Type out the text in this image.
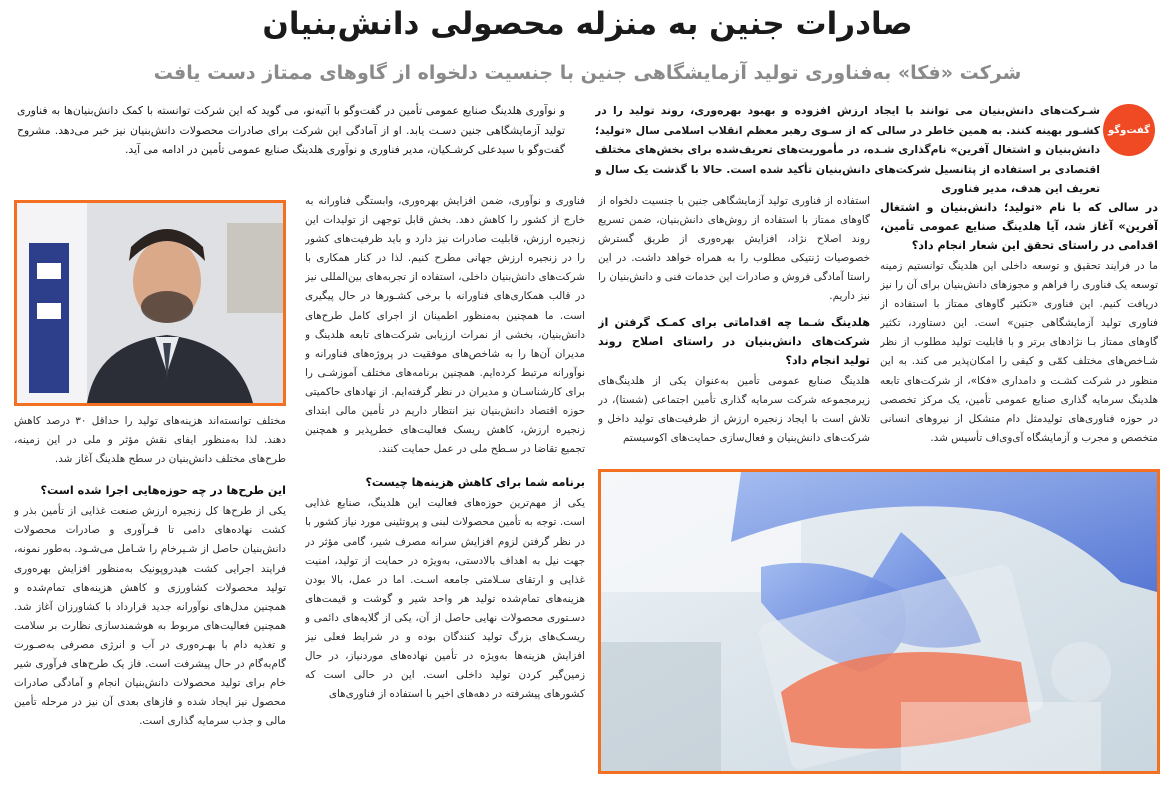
صادرات جنین به منزله محصولی دانش‌بنیان
شرکت «فکا» به‌فناوری تولید آزمایشگاهی جنین با جنسیت دلخواه از گاوهای ممتاز دست یافت
گفت‌وگو
شـرکت‌های دانش‌بنیان می توانند با ایجاد ارزش افزوده و بهبود بهره‌وری، روند تولید را در کشـور بهینه کنند. به همین خاطر در سالی که از سـوی رهبر معظم انقلاب اسلامی سال «تولید؛ دانش‌بنیان و اشتغال آفرین» نام‌گذاری شـده، در مأموریت‌های تعریف‌شده برای بخش‌های مختلف اقتصادی بر استفاده از پتانسیل شرکت‌های دانش‌بنیان تأکید شده است. حالا با گذشت یک سال و تعریف این هدف، مدیر فناوری
و نوآوری هلدینگ صنایع عمومی تأمین در گفت‌وگو با آتیه‌نو، می گوید که این شرکت توانسته با کمک دانش‌بنیان‌ها به فناوری تولید آزمایشگاهی جنین دسـت یابد. او از آمادگی این شرکت برای صادرات محصولات دانش‌بنیان نیز خبر می‌دهد. مشروح گفت‌وگو با سیدعلی کرشـکیان، مدیر فناوری و نوآوری هلدینگ صنایع عمومی تأمین در ادامه می آید.
در سالی که با نام «تولید؛ دانش‌بنیان و اشتغال آفرین» آغاز شد، آیا هلدینگ صنایع عمومی تأمین، اقدامی در راستای تحقق این شعار انجام داد؟

ما در فرایند تحقیق و توسعه داخلی این هلدینگ توانستیم زمینه توسعه یک فناوری را فراهم و مجوزهای دانش‌بنیان برای آن را نیز دریافت کنیم. این فناوری «تکثیر گاوهای ممتاز با استفاده از فناوری تولید آزمایشگاهی جنین» است. این دستاورد، تکثیر گاوهای ممتاز بـا نژادهای برتر و با قابلیت تولید مطلوب از نظر شـاخص‌های مختلف کمّی و کیفی را امکان‌پذیر می کند. به این منظور در شرکت کشـت و دامداری «فکا»، از شرکت‌های تابعه هلدینگ سرمایه گذاری صنایع عمومی تأمین، یک مرکز تخصصی در حوزه فناوری‌های تولیدمثل دام متشکل از نیروهای انسانی متخصص و مجرب و آزمایشگاه آی‌وی‌اف تأسیس شد.

استفاده از فناوری تولید آزمایشگاهی جنین با جنسیت دلخواه از گاوهای ممتاز با استفاده از روش‌های دانش‌بنیان، ضمن تسریع روند اصلاح نژاد، افزایش بهره‌وری از طریق گسترش خصوصیات ژنتیکی مطلوب را به همراه خواهد داشت. در این راستا آمادگی فروش و صادرات این خدمات فنی و دانش‌بنیان را نیز داریم.

هلدینگ شـما چه اقداماتی برای کمـک گرفتن از شرکت‌های دانش‌بنیان در راستای اصلاح روند تولید انجام داد؟

هلدینگ صنایع عمومی تأمین به‌عنوان یکی از هلدینگ‌های زیرمجموعه شرکت سرمایه گذاری تأمین اجتماعی (شستا)، در تلاش است با ایجاد زنجیره ارزش از ظرفیت‌های تولید داخل و شرکت‌های دانش‌بنیان و فعال‌سازی حمایت‌های اکوسیستم

فناوری و نوآوری، ضمن افزایش بهره‌وری، وابستگی فناورانه به خارج از کشور را کاهش دهد. بخش قابل توجهی از تولیدات این زنجیره ارزش، قابلیت صادرات نیز دارد و باید ظرفیت‌های کشور را در زنجیره ارزش جهانی مطرح کنیم. لذا در کنار همکاری با شرکت‌های دانش‌بنیان داخلی، استفاده از تجربه‌های بین‌المللی نیز در قالب همکاری‌های فناورانه با برخی کشـورها در حال پیگیری است. ما همچنین به‌منظور اطمینان از اجرای کامل طرح‌های دانش‌بنیان، بخشی از نمرات ارزیابی شرکت‌های تابعه هلدینگ و مدیران آن‌ها را به شاخص‌های موفقیت در پروژه‌های فناورانه و نوآورانه مرتبط کرده‌ایم. همچنین برنامه‌های مختلف آموزشـی را برای کارشناسـان و مدیران در نظر گرفته‌ایم. از نهادهای حاکمیتی حوزه اقتصاد دانش‌بنیان نیز انتظار داریم در تأمین مالی ابتدای زنجیره ارزش، کاهش ریسک فعالیت‌های خطرپذیر و همچنین تجمیع تقاضا در سـطح ملی در عمل حمایت کنند.

برنامه شما برای کاهش هزینه‌ها چیست؟

یکی از مهم‌ترین حوزه‌های فعالیت این هلدینگ، صنایع غذایی است. توجه به تأمین محصولات لبنی و پروتئینی مورد نیاز کشور با در نظر گرفتن لزوم افزایش سرانه مصرف شیر، گامی مؤثر در جهت نیل به اهداف بالادستی، به‌ویژه در حمایت از تولید، امنیت غذایی و ارتقای سـلامتی جامعه اسـت. اما در عمل، بالا بودن هزینه‌های تمام‌شده تولید هر واحد شیر و گوشت و قیمت‌های دسـتوری محصولات نهایی حاصل از آن، یکی از گلایه‌های دائمی و ریسـک‌های بزرگ تولید کنندگان بوده و در شرایط فعلی نیز افزایش هزینه‌ها به‌ویژه در تأمین نهاده‌های موردنیاز، در حال زمین‌گیر کردن تولید داخلی است. این در حالی است که کشورهای پیشرفته در دهه‌های اخیر با استفاده از فناوری‌های

مختلف توانسته‌اند هزینه‌های تولید را حداقل ۳۰ درصد کاهش دهند. لذا به‌منظور ایفای نقش مؤثر و ملی در این زمینه، طرح‌های مختلف دانش‌بنیان در سطح هلدینگ آغاز شد.

این طرح‌ها در چه حوزه‌هایی اجرا شده است؟

یکی از طرح‌ها کل زنجیره ارزش صنعت غذایی از تأمین بذر و کشت نهاده‌های دامی تا فـرآوری و صادرات محصولات دانش‌بنیان حاصل از شـیرخام را شـامل می‌شـود. به‌طور نمونه، فرایند اجرایی کشت هیدروپونیک به‌منظور افزایش بهره‌وری تولید محصولات کشاورزی و کاهش هزینه‌های تمام‌شده و همچنین مدل‌های نوآورانه جدید قرارداد با کشاورزان آغاز شد. همچنین فعالیت‌های مربوط به هوشمندسازی نظارت بر سلامت و تغذیه دام با بهـره‌وری در آب و انرژی مصرفی به‌صـورت گام‌به‌گام در حال پیشرفت است. فاز یک طرح‌های فرآوری شیر خام برای تولید محصولات دانش‌بنیان انجام و آمادگی صادرات محصول نیز ایجاد شده و فازهای بعدی آن نیز در مرحله تأمین مالی و جذب سرمایه گذاری است.
